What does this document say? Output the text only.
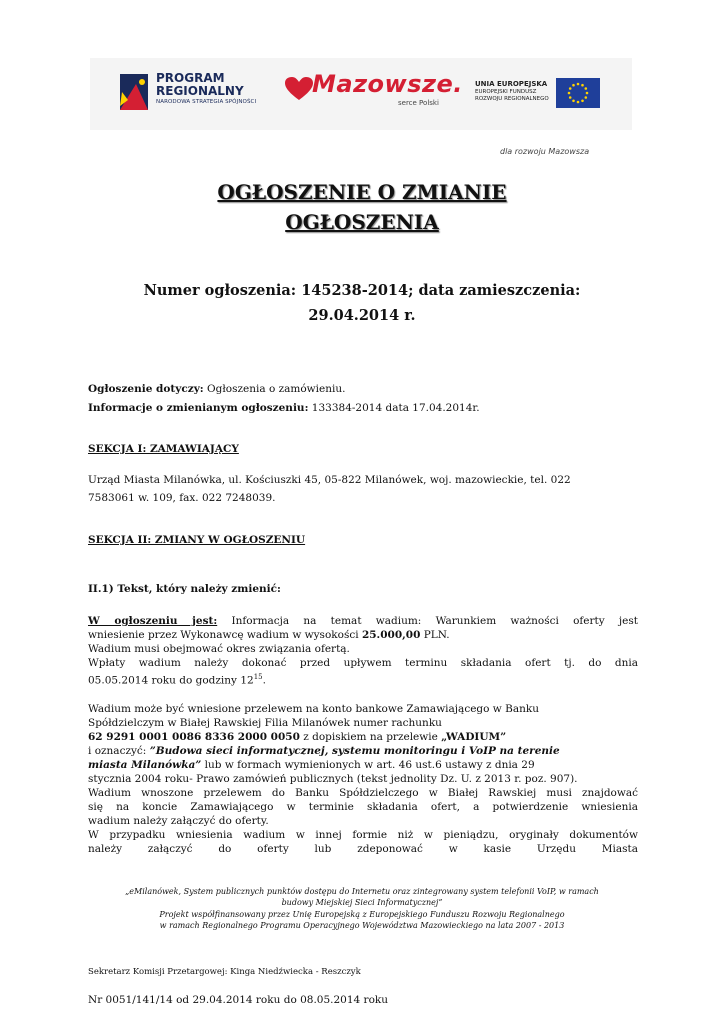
PROGRAM
REGIONALNY
NARODOWA STRATEGIA SPÓJNOŚCI
Mazowsze.
serce Polski
UNIA EUROPEJSKA
EUROPEJSKI FUNDUSZ
ROZWOJU REGIONALNEGO
dla rozwoju Mazowsza
OGŁOSZENIE O ZMIANIE
OGŁOSZENIA
Numer ogłoszenia: 145238-2014; data zamieszczenia:
29.04.2014 r.
Ogłoszenie dotyczy: Ogłoszenia o zamówieniu.
Informacje o zmienianym ogłoszeniu: 133384-2014 data 17.04.2014r.
SEKCJA I: ZAMAWIAJĄCY
Urząd Miasta Milanówka, ul. Kościuszki 45, 05-822 Milanówek, woj. mazowieckie, tel. 022
7583061 w. 109, fax. 022 7248039.
SEKCJA II: ZMIANY W OGŁOSZENIU
II.1) Tekst, który należy zmienić:
W ogłoszeniu jest: Informacja na temat wadium: Warunkiem ważności oferty jest
wniesienie przez Wykonawcę wadium w wysokości 25.000,00 PLN.
Wadium musi obejmować okres związania ofertą.
Wpłaty wadium należy dokonać przed upływem terminu składania ofert tj. do dnia
05.05.2014 roku do godziny $12^{15}$.
Wadium może być wniesione przelewem na konto bankowe Zamawiającego w Banku
Spółdzielczym w Białej Rawskiej Filia Milanówek numer rachunku
62 9291 0001 0086 8336 2000 0050 z dopiskiem na przelewie „WADIUM”
i oznaczyć: ”Budowa sieci informatycznej, systemu monitoringu i VoIP na terenie
miasta Milanówka” lub w formach wymienionych w art. 46 ust.6 ustawy z dnia 29
stycznia 2004 roku- Prawo zamówień publicznych (tekst jednolity Dz. U. z 2013 r. poz. 907).
Wadium wnoszone przelewem do Banku Spółdzielczego w Białej Rawskiej musi znajdować
się na koncie Zamawiającego w terminie składania ofert, a potwierdzenie wniesienia
wadium należy załączyć do oferty.
W przypadku wniesienia wadium w innej formie niż w pieniądzu, oryginały dokumentów
należy załączyć do oferty lub zdeponować w kasie Urzędu Miasta
„eMilanówek, System publicznych punktów dostępu do Internetu oraz zintegrowany system telefonii VoIP, w ramach
budowy Miejskiej Sieci Informatycznej”
Projekt współfinansowany przez Unię Europejską z Europejskiego Funduszu Rozwoju Regionalnego
w ramach Regionalnego Programu Operacyjnego Województwa Mazowieckiego na lata 2007 - 2013
Sekretarz Komisji Przetargowej: Kinga Niedźwiecka - Reszczyk
Nr 0051/141/14 od 29.04.2014 roku do 08.05.2014 roku
